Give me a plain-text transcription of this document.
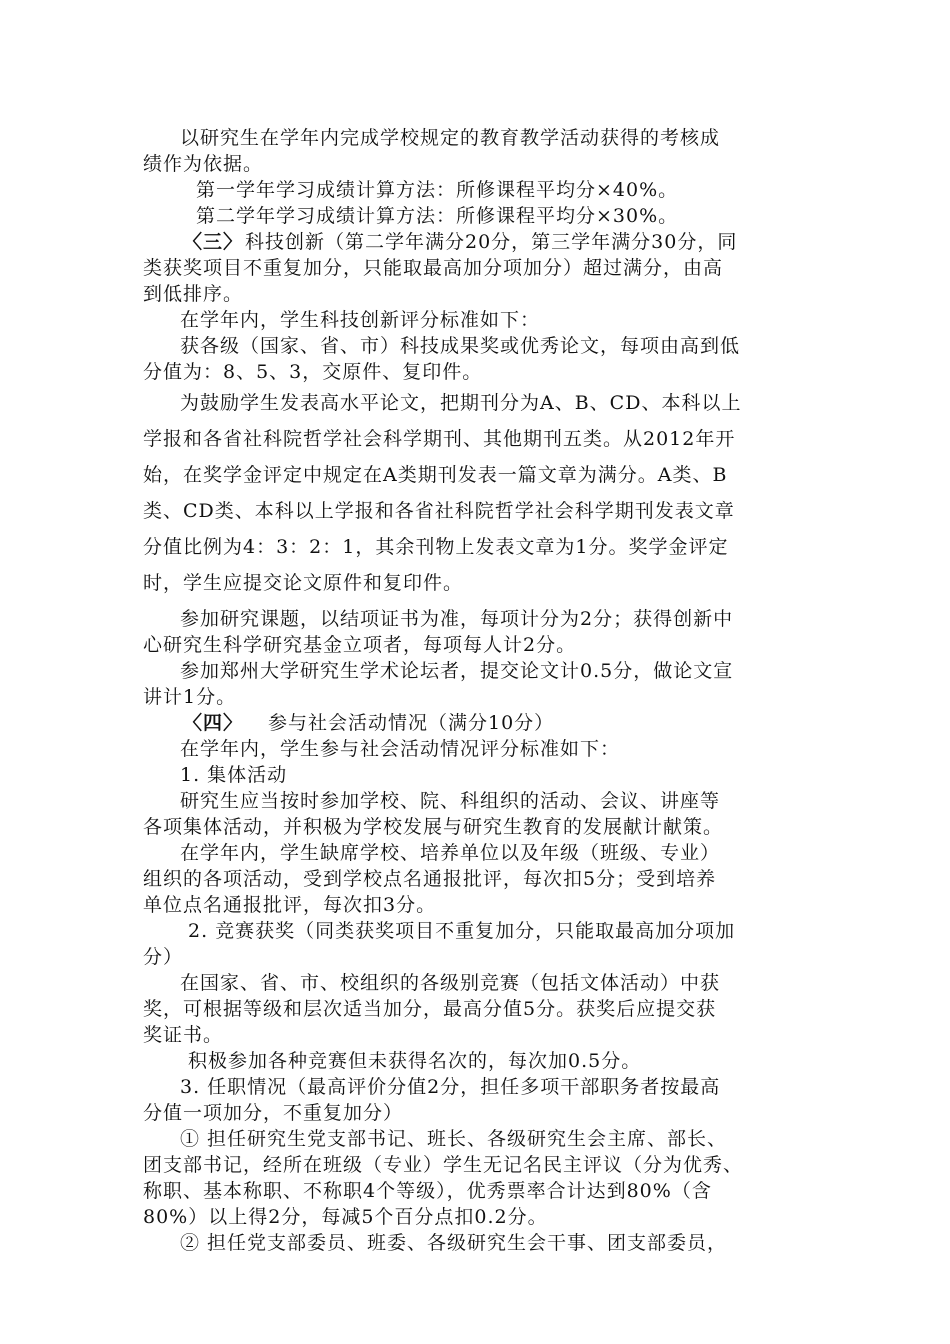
以研究生在学年内完成学校规定的教育教学活动获得的考核成
绩作为依据。
第一学年学习成绩计算方法：所修课程平均分×40%。
第二学年学习成绩计算方法：所修课程平均分×30%。
〈三〉 科技创新（第二学年满分20分，第三学年满分30分，同
类获奖项目不重复加分，只能取最高加分项加分）超过满分，由高
到低排序。
在学年内，学生科技创新评分标准如下：
获各级（国家、省、市）科技成果奖或优秀论文，每项由高到低
分值为：8、5、3，交原件、复印件。
为鼓励学生发表高水平论文，把期刊分为A、B、CD、本科以上
学报和各省社科院哲学社会科学期刊、其他期刊五类。从2012年开
始，在奖学金评定中规定在A类期刊发表一篇文章为满分。A类、B
类、CD类、本科以上学报和各省社科院哲学社会科学期刊发表文章
分值比例为4：3：2：1，其余刊物上发表文章为1分。奖学金评定
时，学生应提交论文原件和复印件。
参加研究课题，以结项证书为准，每项计分为2分；获得创新中
心研究生科学研究基金立项者，每项每人计2分。
参加郑州大学研究生学术论坛者，提交论文计0.5分，做论文宣
讲计1分。
〈四〉 参与社会活动情况（满分10分）
在学年内，学生参与社会活动情况评分标准如下：
1. 集体活动
研究生应当按时参加学校、院、科组织的活动、会议、讲座等
各项集体活动，并积极为学校发展与研究生教育的发展献计献策。
在学年内，学生缺席学校、培养单位以及年级（班级、专业）
组织的各项活动，受到学校点名通报批评，每次扣5分；受到培养
单位点名通报批评，每次扣3分。
2. 竞赛获奖（同类获奖项目不重复加分，只能取最高加分项加
分）
在国家、省、市、校组织的各级别竞赛（包括文体活动）中获
奖，可根据等级和层次适当加分，最高分值5分。获奖后应提交获
奖证书。
积极参加各种竞赛但未获得名次的，每次加0.5分。
3. 任职情况（最高评价分值2分，担任多项干部职务者按最高
分值一项加分，不重复加分）
① 担任研究生党支部书记、班长、各级研究生会主席、部长、
团支部书记，经所在班级（专业）学生无记名民主评议（分为优秀、
称职、基本称职、不称职4个等级），优秀票率合计达到80%（含
80%）以上得2分，每减5个百分点扣0.2分。
② 担任党支部委员、班委、各级研究生会干事、团支部委员，
